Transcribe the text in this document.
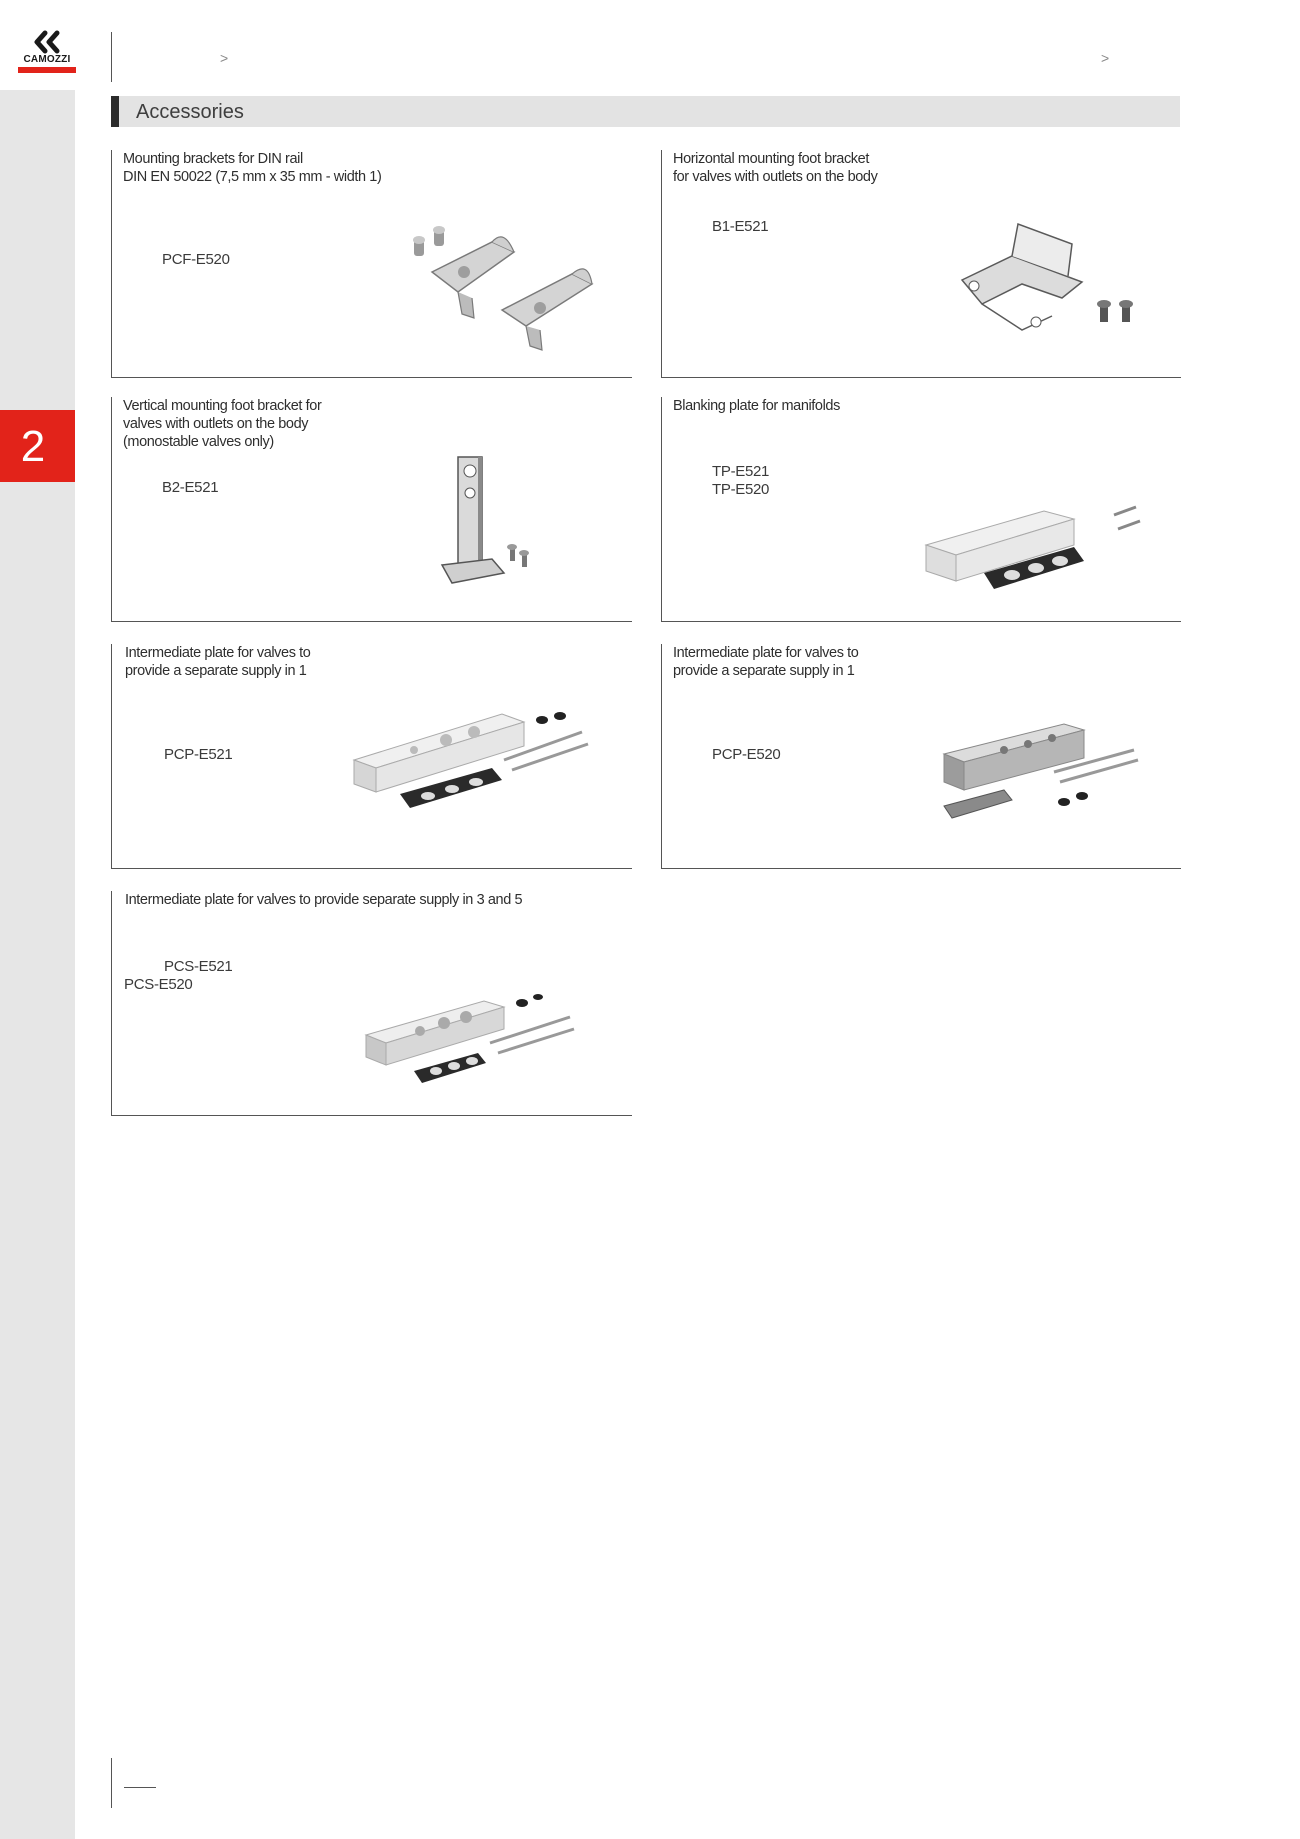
CAMOZZI	>	>
2
Accessories

Mounting brackets for DIN rail
DIN EN 50022 (7,5 mm x 35 mm - width 1)

PCF-E520

Horizontal mounting foot bracket
for valves with outlets on the body

B1-E521

Vertical mounting foot bracket for
valves with outlets on the body
(monostable valves only)

B2-E521

Blanking plate for manifolds

TP-E521
TP-E520

Intermediate plate for valves to
provide a separate supply in 1

PCP-E521

Intermediate plate for valves to
provide a separate supply in 1

PCP-E520

Intermediate plate for valves to provide separate supply in 3 and 5

PCS-E521
PCS-E520
